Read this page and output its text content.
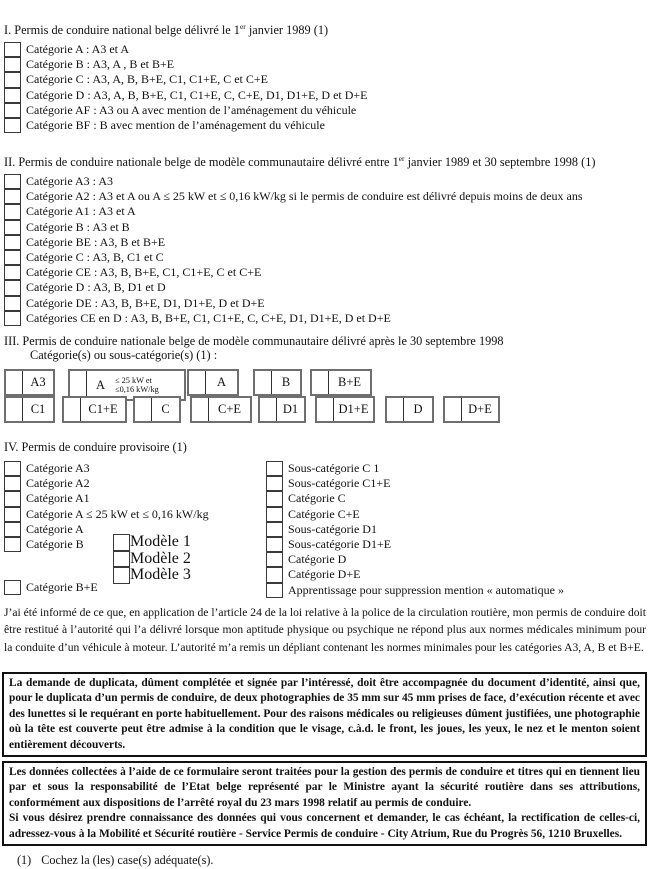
I. Permis de conduire national belge délivré le 1er janvier 1989 (1)
Catégorie A : A3 et A
Catégorie B : A3, A , B et B+E
Catégorie C : A3, A, B, B+E, C1, C1+E, C et C+E
Catégorie D : A3, A, B, B+E, C1, C1+E, C, C+E, D1, D1+E, D et D+E
Catégorie AF : A3 ou A avec mention de l’aménagement du véhicule
Catégorie BF : B avec mention de l’aménagement du véhicule
II. Permis de conduire nationale belge de modèle communautaire délivré entre 1er janvier 1989 et 30 septembre 1998 (1)
Catégorie A3 : A3
Catégorie A2 : A3 et A ou A ≤ 25 kW et ≤ 0,16 kW/kg si le permis de conduire est délivré depuis moins de deux ans
Catégorie A1 : A3 et A
Catégorie B : A3 et B
Catégorie BE : A3, B et B+E
Catégorie C : A3, B, C1 et C
Catégorie CE : A3, B, B+E, C1, C1+E, C et C+E
Catégorie D : A3, B, D1 et D
Catégorie DE : A3, B, B+E, D1, D1+E, D et D+E
Catégories CE en D : A3, B, B+E, C1, C1+E, C, C+E, D1, D1+E, D et D+E
III. Permis de conduire nationale belge de modèle communautaire délivré après le 30 septembre 1998
Catégorie(s) ou sous-catégorie(s) (1) :
A3	A ≤ 25 kW et
≤0,16 kW/kg
A	B	B+E
C1	C1+E	C	C+E	D1	D1+E	D	D+E
IV. Permis de conduire provisoire (1)
Catégorie A3
Catégorie A2
Catégorie A1
Catégorie A ≤ 25 kW et ≤ 0,16 kW/kg
Catégorie A
Catégorie B	Modèle 1
Modèle 2
Modèle 3
Catégorie B+E
Sous-catégorie C 1
Sous-catégorie C1+E
Catégorie C
Catégorie C+E
Sous-catégorie D1
Sous-catégorie D1+E
Catégorie D
Catégorie D+E
Apprentissage pour suppression mention « automatique »
J’ai été informé de ce que, en application de l’article 24 de la loi relative à la police de la circulation routière, mon permis de conduire doit être restitué à l’autorité qui l’a délivré lorsque mon aptitude physique ou psychique ne répond plus aux normes médicales minimum pour la conduite d’un véhicule à moteur. L’autorité m’a remis un dépliant contenant les normes minimales pour les catégories A3, A, B et B+E.

La demande de duplicata, dûment complétée et signée par l’intéressé, doit être accompagnée du document d’identité, ainsi que, pour le duplicata d’un permis de conduire, de deux photographies de 35 mm sur 45 mm prises de face, d’exécution récente et avec des lunettes si le requérant en porte habituellement. Pour des raisons médicales ou religieuses dûment justifiées, une photographie où la tête est couverte peut être admise à la condition que le visage, c.à.d. le front, les joues, les yeux, le nez et le menton soient entièrement découverts.

Les données collectées à l’aide de ce formulaire seront traitées pour la gestion des permis de conduire et titres qui en tiennent lieu par et sous la responsabilité de l’Etat belge représenté par le Ministre ayant la sécurité routière dans ses attributions, conformément aux dispositions de l’arrêté royal du 23 mars 1998 relatif au permis de conduire.

Si vous désirez prendre connaissance des données qui vous concernent et demander, le cas échéant, la rectification de celles-ci, adressez-vous à la Mobilité et Sécurité routière - Service Permis de conduire - City Atrium, Rue du Progrès 56, 1210 Bruxelles.

(1) Cochez la (les) case(s) adéquate(s).
